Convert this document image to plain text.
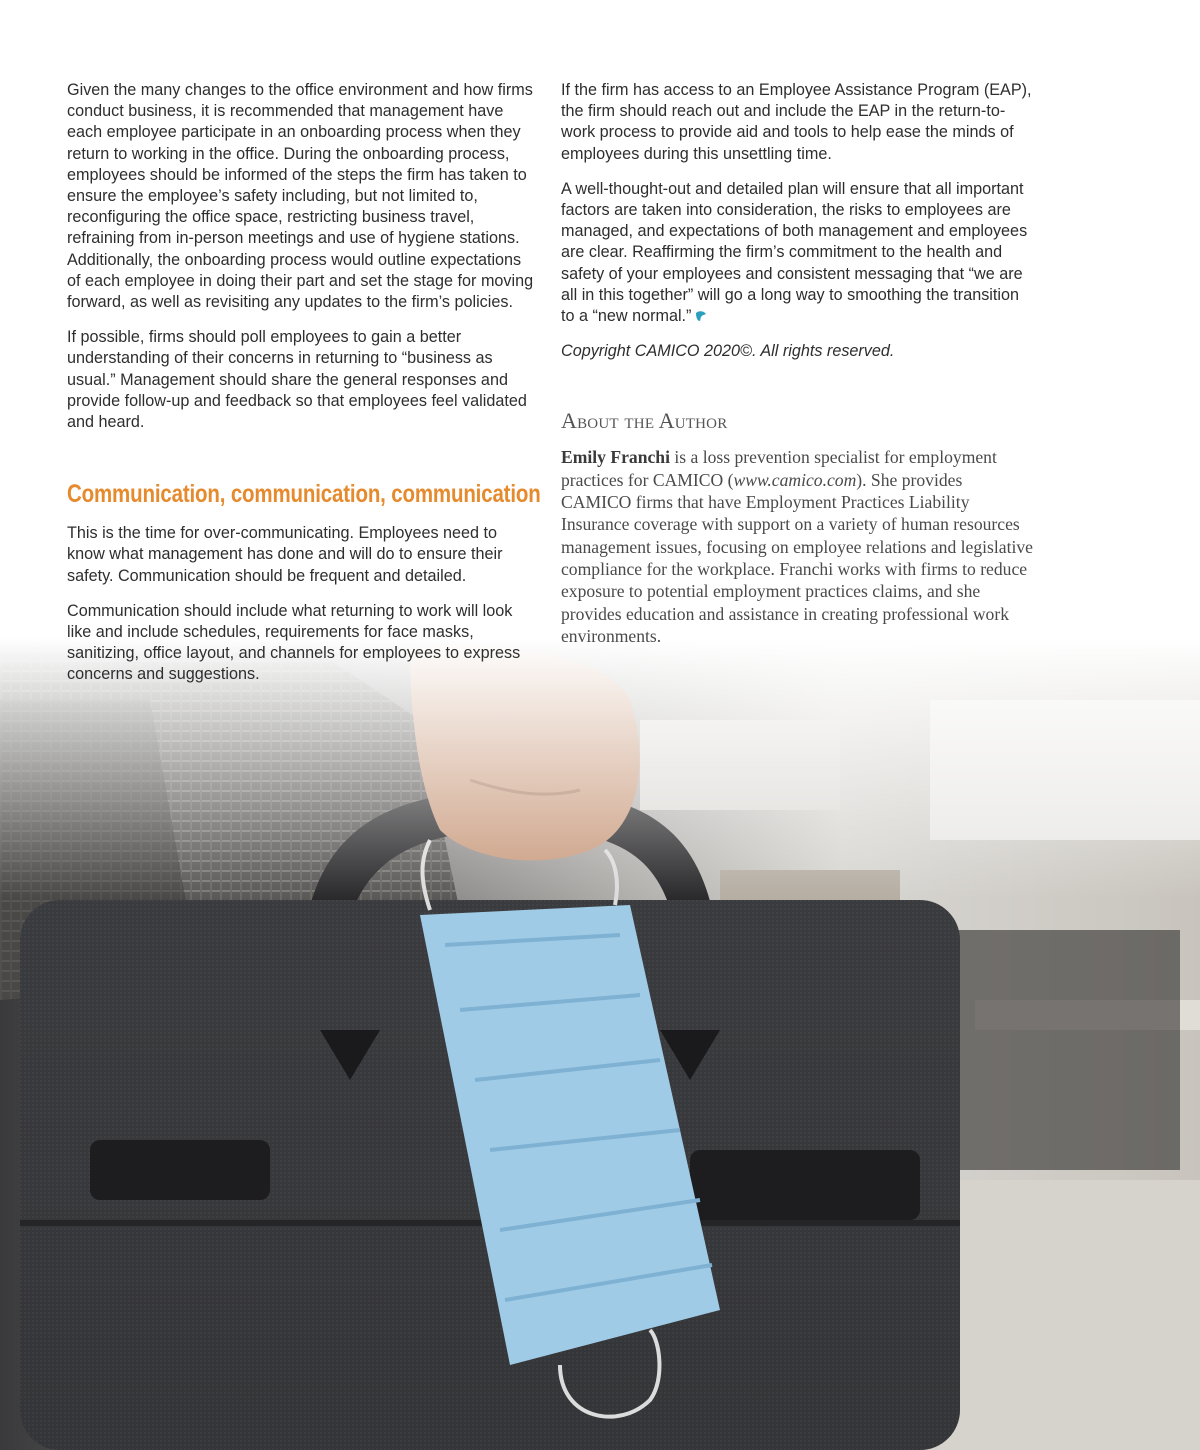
Given the many changes to the office environment and how firms conduct business, it is recommended that management have each employee participate in an onboarding process when they return to working in the office. During the onboarding process, employees should be informed of the steps the firm has taken to ensure the employee’s safety including, but not limited to, reconfiguring the office space, restricting business travel, refraining from in-person meetings and use of hygiene stations. Additionally, the onboarding process would outline expectations of each employee in doing their part and set the stage for moving forward, as well as revisiting any updates to the firm’s policies.

If possible, firms should poll employees to gain a better understanding of their concerns in returning to “business as usual.” Management should share the general responses and provide follow-up and feedback so that employees feel validated and heard.

Communication, communication, communication

This is the time for over-communicating. Employees need to know what management has done and will do to ensure their safety. Communication should be frequent and detailed.

Communication should include what returning to work will look like and include schedules, requirements for face masks, sanitizing, office layout, and channels for employees to express concerns and suggestions.

If the firm has access to an Employee Assistance Program (EAP), the firm should reach out and include the EAP in the return-to-work process to provide aid and tools to help ease the minds of employees during this unsettling time.

A well-thought-out and detailed plan will ensure that all important factors are taken into consideration, the risks to employees are managed, and expectations of both management and employees are clear. Reaffirming the firm’s commitment to the health and safety of your employees and consistent messaging that “we are all in this together” will go a long way to smoothing the transition to a “new normal.”

Copyright CAMICO 2020©. All rights reserved.

About the Author

Emily Franchi is a loss prevention specialist for employment practices for CAMICO (www.camico.com). She provides CAMICO firms that have Employment Practices Liability Insurance coverage with support on a variety of human resources management issues, focusing on employee relations and legislative compliance for the workplace. Franchi works with firms to reduce exposure to potential employment practices claims, and she provides education and assistance in creating professional work environments.
